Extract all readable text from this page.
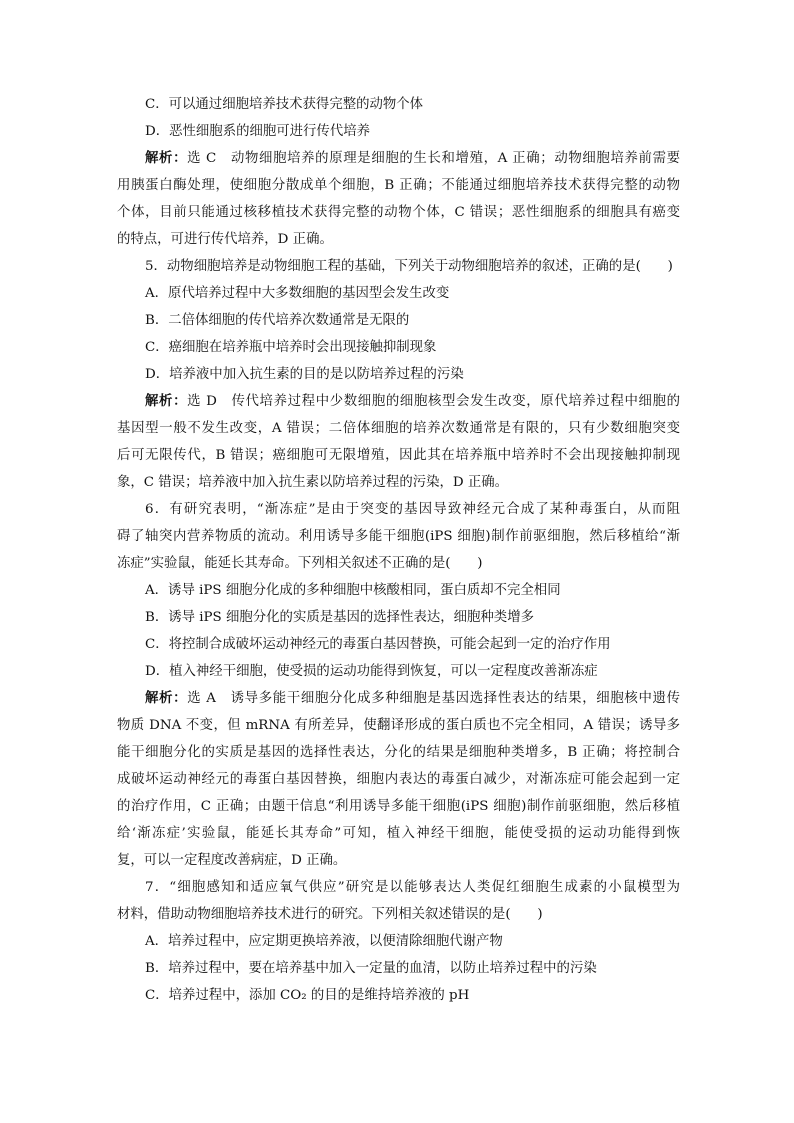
C．可以通过细胞培养技术获得完整的动物个体
D．恶性细胞系的细胞可进行传代培养
解析：选 C　动物细胞培养的原理是细胞的生长和增殖，A 正确；动物细胞培养前需要
用胰蛋白酶处理，使细胞分散成单个细胞，B 正确；不能通过细胞培养技术获得完整的动物
个体，目前只能通过核移植技术获得完整的动物个体，C 错误；恶性细胞系的细胞具有癌变
的特点，可进行传代培养，D 正确。
5．动物细胞培养是动物细胞工程的基础，下列关于动物细胞培养的叙述，正确的是(　　)
A．原代培养过程中大多数细胞的基因型会发生改变
B．二倍体细胞的传代培养次数通常是无限的
C．癌细胞在培养瓶中培养时会出现接触抑制现象
D．培养液中加入抗生素的目的是以防培养过程的污染
解析：选 D　传代培养过程中少数细胞的细胞核型会发生改变，原代培养过程中细胞的
基因型一般不发生改变，A 错误；二倍体细胞的培养次数通常是有限的，只有少数细胞突变
后可无限传代，B 错误；癌细胞可无限增殖，因此其在培养瓶中培养时不会出现接触抑制现
象，C 错误；培养液中加入抗生素以防培养过程的污染，D 正确。
6．有研究表明，“渐冻症”是由于突变的基因导致神经元合成了某种毒蛋白，从而阻
碍了轴突内营养物质的流动。利用诱导多能干细胞(iPS 细胞)制作前驱细胞，然后移植给“渐
冻症”实验鼠，能延长其寿命。下列相关叙述不正确的是(　　)
A．诱导 iPS 细胞分化成的多种细胞中核酸相同，蛋白质却不完全相同
B．诱导 iPS 细胞分化的实质是基因的选择性表达，细胞种类增多
C．将控制合成破坏运动神经元的毒蛋白基因替换，可能会起到一定的治疗作用
D．植入神经干细胞，使受损的运动功能得到恢复，可以一定程度改善渐冻症
解析：选 A　诱导多能干细胞分化成多种细胞是基因选择性表达的结果，细胞核中遗传
物质 DNA 不变，但 mRNA 有所差异，使翻译形成的蛋白质也不完全相同，A 错误；诱导多
能干细胞分化的实质是基因的选择性表达，分化的结果是细胞种类增多，B 正确；将控制合
成破坏运动神经元的毒蛋白基因替换，细胞内表达的毒蛋白减少，对渐冻症可能会起到一定
的治疗作用，C 正确；由题干信息“利用诱导多能干细胞(iPS 细胞)制作前驱细胞，然后移植
给‘渐冻症’实验鼠，能延长其寿命”可知，植入神经干细胞，能使受损的运动功能得到恢
复，可以一定程度改善病症，D 正确。
7．“细胞感知和适应氧气供应”研究是以能够表达人类促红细胞生成素的小鼠模型为
材料，借助动物细胞培养技术进行的研究。下列相关叙述错误的是(　　)
A．培养过程中，应定期更换培养液，以便清除细胞代谢产物
B．培养过程中，要在培养基中加入一定量的血清，以防止培养过程中的污染
C．培养过程中，添加 CO₂ 的目的是维持培养液的 pH
